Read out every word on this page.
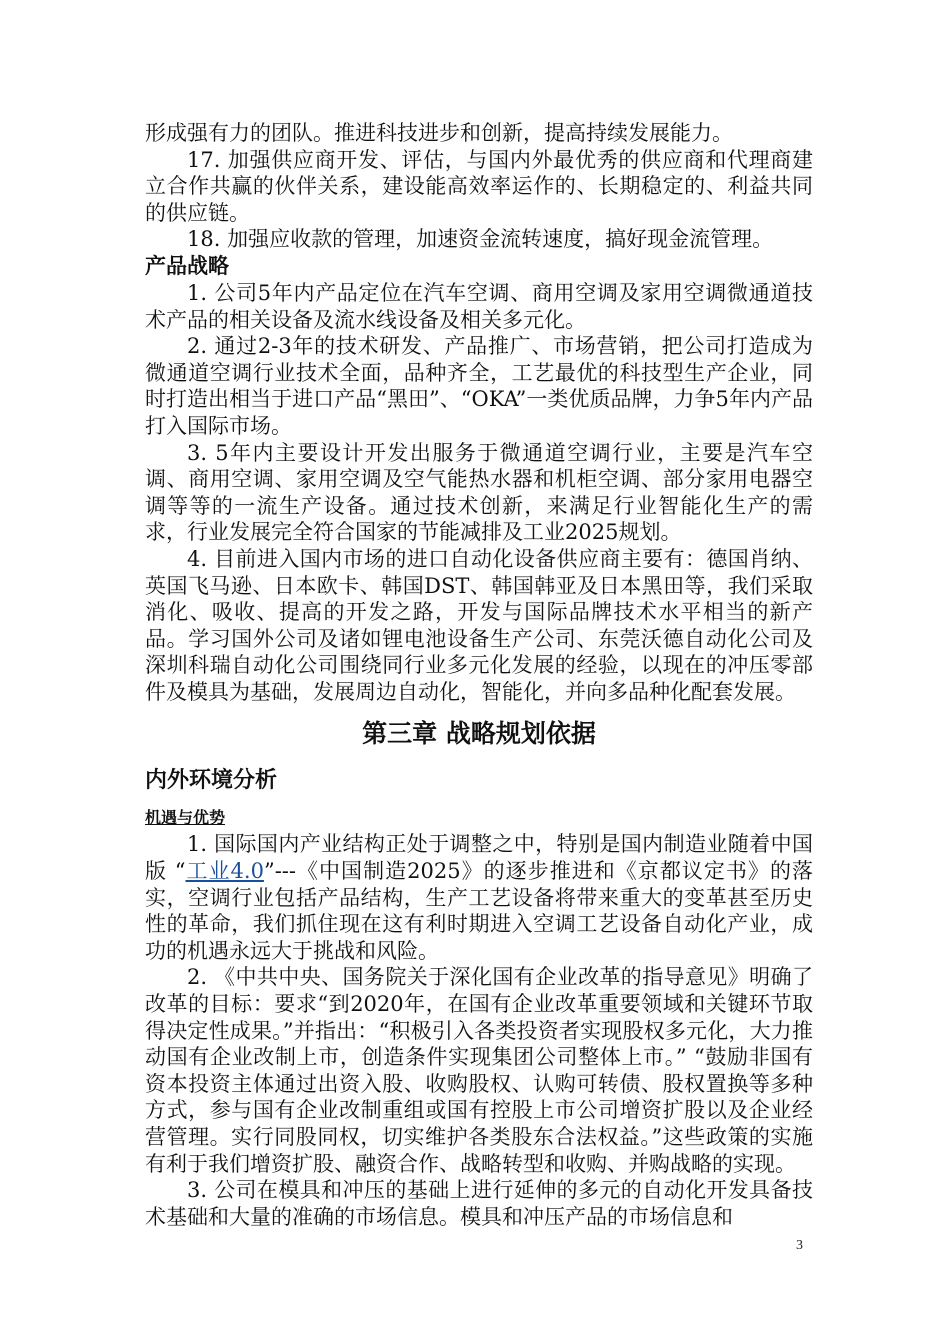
形成强有力的团队。推进科技进步和创新，提高持续发展能力。

17. 加强供应商开发、评估，与国内外最优秀的供应商和代理商建立合作共赢的伙伴关系，建设能高效率运作的、长期稳定的、利益共同的供应链。

18. 加强应收款的管理，加速资金流转速度，搞好现金流管理。

产品战略

1. 公司5年内产品定位在汽车空调、商用空调及家用空调微通道技术产品的相关设备及流水线设备及相关多元化。

2. 通过2-3年的技术研发、产品推广、市场营销，把公司打造成为微通道空调行业技术全面，品种齐全，工艺最优的科技型生产企业，同时打造出相当于进口产品“黑田”、“OKA”一类优质品牌，力争5年内产品打入国际市场。

3. 5年内主要设计开发出服务于微通道空调行业，主要是汽车空调、商用空调、家用空调及空气能热水器和机柜空调、部分家用电器空调等等的一流生产设备。通过技术创新，来满足行业智能化生产的需求，行业发展完全符合国家的节能减排及工业2025规划。

4. 目前进入国内市场的进口自动化设备供应商主要有：德国肖纳、英国飞马逊、日本欧卡、韩国DST、韩国韩亚及日本黑田等，我们采取消化、吸收、提高的开发之路，开发与国际品牌技术水平相当的新产品。学习国外公司及诸如锂电池设备生产公司、东莞沃德自动化公司及深圳科瑞自动化公司围绕同行业多元化发展的经验，以现在的冲压零部件及模具为基础，发展周边自动化，智能化，并向多品种化配套发展。

第三章 战略规划依据
内外环境分析
机遇与优势

1. 国际国内产业结构正处于调整之中，特别是国内制造业随着中国版 “工业4.0”---《中国制造2025》的逐步推进和《京都议定书》的落实，空调行业包括产品结构，生产工艺设备将带来重大的变革甚至历史性的革命，我们抓住现在这有利时期进入空调工艺设备自动化产业，成功的机遇永远大于挑战和风险。

2. 《中共中央、国务院关于深化国有企业改革的指导意见》明确了改革的目标：要求“到2020年，在国有企业改革重要领域和关键环节取得决定性成果。”并指出：“积极引入各类投资者实现股权多元化，大力推动国有企业改制上市，创造条件实现集团公司整体上市。” “鼓励非国有资本投资主体通过出资入股、收购股权、认购可转债、股权置换等多种方式，参与国有企业改制重组或国有控股上市公司增资扩股以及企业经营管理。实行同股同权，切实维护各类股东合法权益。”这些政策的实施有利于我们增资扩股、融资合作、战略转型和收购、并购战略的实现。

3. 公司在模具和冲压的基础上进行延伸的多元的自动化开发具备技术基础和大量的准确的市场信息。模具和冲压产品的市场信息和

3
